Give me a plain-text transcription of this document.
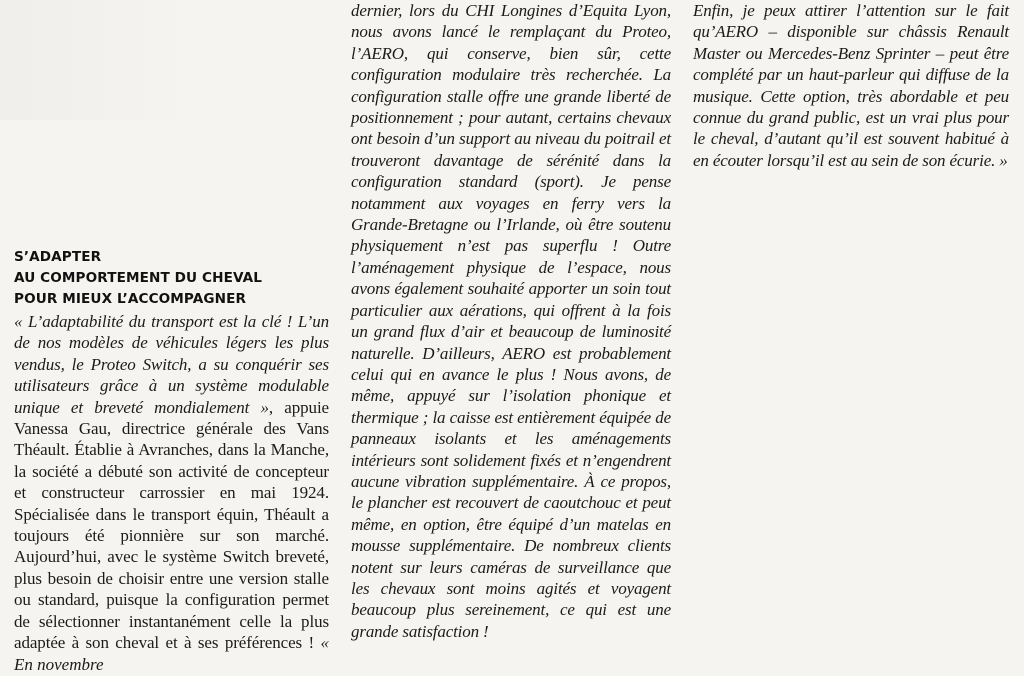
S’ADAPTER
AU COMPORTEMENT DU CHEVAL
POUR MIEUX L’ACCOMPAGNER

« L’adaptabilité du transport est la clé ! L’un de nos modèles de véhicules légers les plus vendus, le Proteo Switch, a su conquérir ses utilisateurs grâce à un système modulable unique et breveté mondialement », appuie Vanessa Gau, directrice générale des Vans Théault. Établie à Avranches, dans la Manche, la société a débuté son activité de concepteur et constructeur carrossier en mai 1924. Spécialisée dans le transport équin, Théault a toujours été pionnière sur son marché. Aujourd’hui, avec le système Switch breveté, plus besoin de choisir entre une version stalle ou standard, puisque la configuration permet de sélectionner instantanément celle la plus adaptée à son cheval et à ses préférences ! « En novembre

dernier, lors du CHI Longines d’Equita Lyon, nous avons lancé le remplaçant du Proteo, l’AERO, qui conserve, bien sûr, cette configuration modulaire très recherchée. La configuration stalle offre une grande liberté de positionnement ; pour autant, certains chevaux ont besoin d’un support au niveau du poitrail et trouveront davantage de sérénité dans la configuration standard (sport). Je pense notamment aux voyages en ferry vers la Grande-Bretagne ou l’Irlande, où être soutenu physiquement n’est pas superflu ! Outre l’aménagement physique de l’espace, nous avons également souhaité apporter un soin tout particulier aux aérations, qui offrent à la fois un grand flux d’air et beaucoup de luminosité naturelle. D’ailleurs, AERO est probablement celui qui en avance le plus ! Nous avons, de même, appuyé sur l’isolation phonique et thermique ; la caisse est entièrement équipée de panneaux isolants et les aménagements intérieurs sont solidement fixés et n’engendrent aucune vibration supplémentaire. À ce propos, le plancher est recouvert de caoutchouc et peut même, en option, être équipé d’un matelas en mousse supplémentaire. De nombreux clients notent sur leurs caméras de surveillance que les chevaux sont moins agités et voyagent beaucoup plus sereinement, ce qui est une grande satisfaction !

Enfin, je peux attirer l’attention sur le fait qu’AERO – disponible sur châssis Renault Master ou Mercedes-Benz Sprinter – peut être complété par un haut-parleur qui diffuse de la musique. Cette option, très abordable et peu connue du grand public, est un vrai plus pour le cheval, d’autant qu’il est souvent habitué à en écouter lorsqu’il est au sein de son écurie. »
